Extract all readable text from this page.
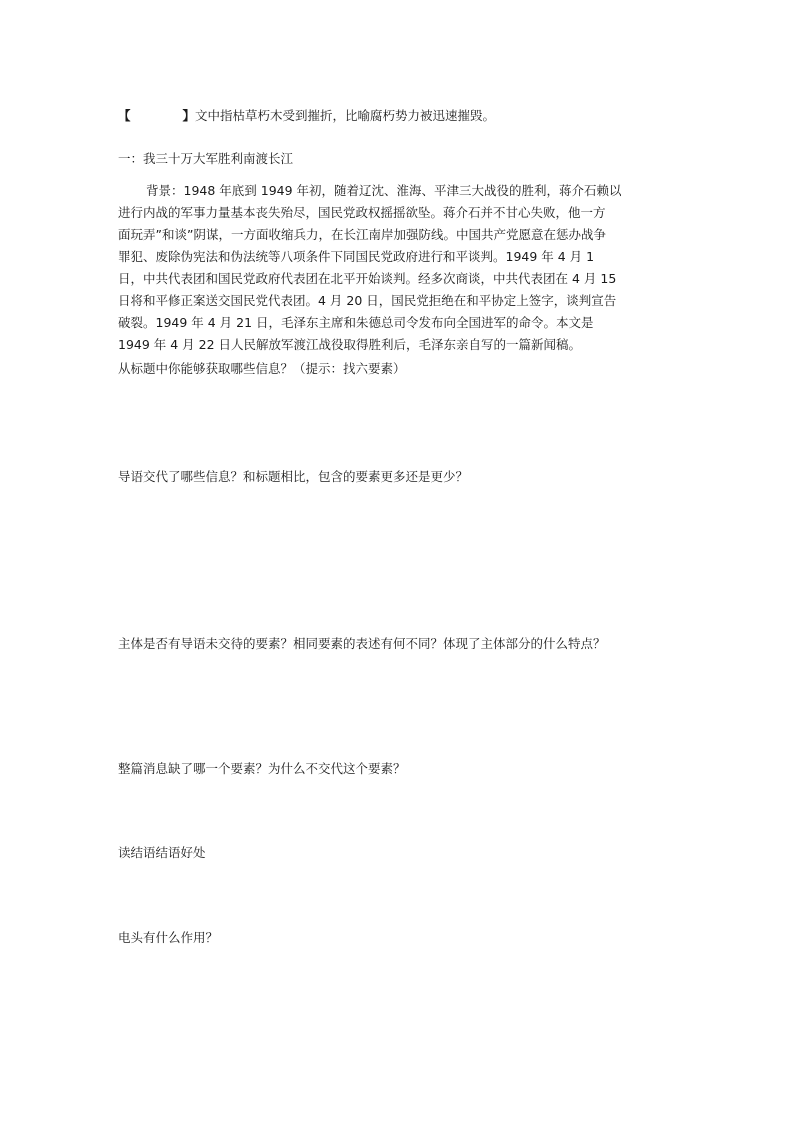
【	】文中指枯草朽木受到摧折，比喻腐朽势力被迅速摧毁。
一：我三十万大军胜利南渡长江
背景：1948 年底到 1949 年初，随着辽沈、淮海、平津三大战役的胜利，蒋介石赖以
进行内战的军事力量基本丧失殆尽，国民党政权摇摇欲坠。蒋介石并不甘心失败，他一方
面玩弄”和谈”阴谋，一方面收缩兵力，在长江南岸加强防线。中国共产党愿意在惩办战争
罪犯、废除伪宪法和伪法统等八项条件下同国民党政府进行和平谈判。1949 年 4 月 1
日，中共代表团和国民党政府代表团在北平开始谈判。经多次商谈，中共代表团在 4 月 15
日将和平修正案送交国民党代表团。4 月 20 日，国民党拒绝在和平协定上签字，谈判宣告
破裂。1949 年 4 月 21 日，毛泽东主席和朱德总司令发布向全国进军的命令。本文是
1949 年 4 月 22 日人民解放军渡江战役取得胜利后，毛泽东亲自写的一篇新闻稿。
从标题中你能够获取哪些信息？（提示：找六要素）
导语交代了哪些信息？和标题相比，包含的要素更多还是更少？
主体是否有导语未交待的要素？相同要素的表述有何不同？体现了主体部分的什么特点？
整篇消息缺了哪一个要素？为什么不交代这个要素？
读结语结语好处
电头有什么作用？
